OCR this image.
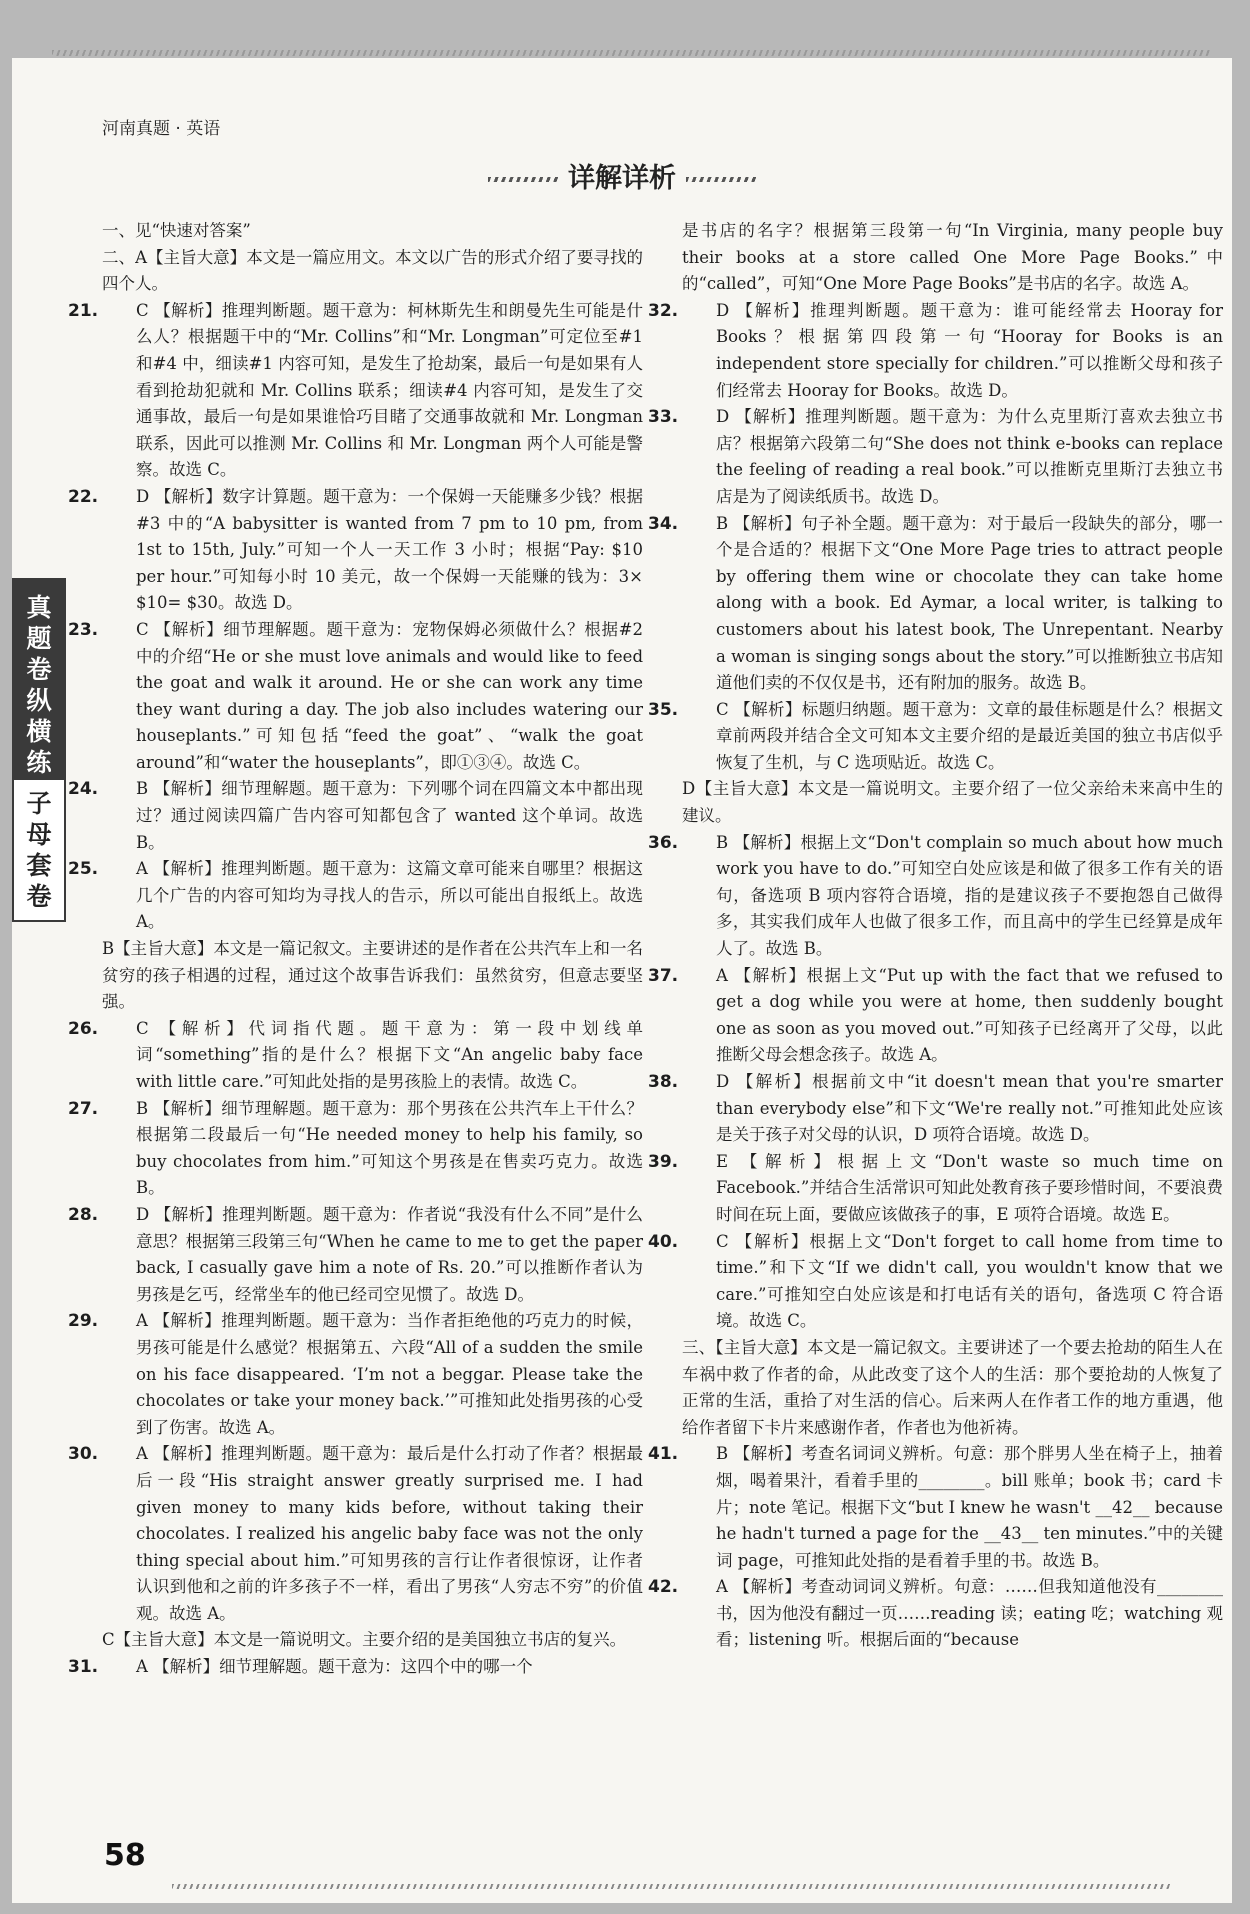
河南真题 · 英语
详解详析
真题卷纵横练
子母套卷

一、见“快速对答案”

二、A【主旨大意】本文是一篇应用文。本文以广告的形式介绍了要寻找的四个人。

21. C 【解析】推理判断题。题干意为：柯林斯先生和朗曼先生可能是什么人？根据题干中的“Mr. Collins”和“Mr. Longman”可定位至#1 和#4 中，细读#1 内容可知，是发生了抢劫案，最后一句是如果有人看到抢劫犯就和 Mr. Collins 联系；细读#4 内容可知，是发生了交通事故，最后一句是如果谁恰巧目睹了交通事故就和 Mr. Longman 联系，因此可以推测 Mr. Collins 和 Mr. Longman 两个人可能是警察。故选 C。

22. D 【解析】数字计算题。题干意为：一个保姆一天能赚多少钱？根据#3 中的“A babysitter is wanted from 7 pm to 10 pm, from 1st to 15th, July.”可知一个人一天工作 3 小时；根据“Pay: $10 per hour.”可知每小时 10 美元，故一个保姆一天能赚的钱为：3× $10= $30。故选 D。

23. C 【解析】细节理解题。题干意为：宠物保姆必须做什么？根据#2 中的介绍“He or she must love animals and would like to feed the goat and walk it around. He or she can work any time they want during a day. The job also includes watering our houseplants.”可知包括“feed the goat”、“walk the goat around”和“water the houseplants”，即①③④。故选 C。

24. B 【解析】细节理解题。题干意为：下列哪个词在四篇文本中都出现过？通过阅读四篇广告内容可知都包含了 wanted 这个单词。故选 B。

25. A 【解析】推理判断题。题干意为：这篇文章可能来自哪里？根据这几个广告的内容可知均为寻找人的告示，所以可能出自报纸上。故选 A。

B【主旨大意】本文是一篇记叙文。主要讲述的是作者在公共汽车上和一名贫穷的孩子相遇的过程，通过这个故事告诉我们：虽然贫穷，但意志要坚强。

26. C 【解析】代词指代题。题干意为：第一段中划线单词“something”指的是什么？根据下文“An angelic baby face with little care.”可知此处指的是男孩脸上的表情。故选 C。

27. B 【解析】细节理解题。题干意为：那个男孩在公共汽车上干什么？根据第二段最后一句“He needed money to help his family, so buy chocolates from him.”可知这个男孩是在售卖巧克力。故选 B。

28. D 【解析】推理判断题。题干意为：作者说“我没有什么不同”是什么意思？根据第三段第三句“When he came to me to get the paper back, I casually gave him a note of Rs. 20.”可以推断作者认为男孩是乞丐，经常坐车的他已经司空见惯了。故选 D。

29. A 【解析】推理判断题。题干意为：当作者拒绝他的巧克力的时候，男孩可能是什么感觉？根据第五、六段“All of a sudden the smile on his face disappeared. ‘I’m not a beggar. Please take the chocolates or take your money back.’”可推知此处指男孩的心受到了伤害。故选 A。

30. A 【解析】推理判断题。题干意为：最后是什么打动了作者？根据最后一段“His straight answer greatly surprised me. I had given money to many kids before, without taking their chocolates. I realized his angelic baby face was not the only thing special about him.”可知男孩的言行让作者很惊讶，让作者认识到他和之前的许多孩子不一样，看出了男孩“人穷志不穷”的价值观。故选 A。

C【主旨大意】本文是一篇说明文。主要介绍的是美国独立书店的复兴。

31. A 【解析】细节理解题。题干意为：这四个中的哪一个

是书店的名字？根据第三段第一句“In Virginia, many people buy their books at a store called One More Page Books.”中的“called”，可知“One More Page Books”是书店的名字。故选 A。

32. D 【解析】推理判断题。题干意为：谁可能经常去 Hooray for Books？根据第四段第一句“Hooray for Books is an independent store specially for children.”可以推断父母和孩子们经常去 Hooray for Books。故选 D。

33. D 【解析】推理判断题。题干意为：为什么克里斯汀喜欢去独立书店？根据第六段第二句“She does not think e-books can replace the feeling of reading a real book.”可以推断克里斯汀去独立书店是为了阅读纸质书。故选 D。

34. B 【解析】句子补全题。题干意为：对于最后一段缺失的部分，哪一个是合适的？根据下文“One More Page tries to attract people by offering them wine or chocolate they can take home along with a book. Ed Aymar, a local writer, is talking to customers about his latest book, The Unrepentant. Nearby a woman is singing songs about the story.”可以推断独立书店知道他们卖的不仅仅是书，还有附加的服务。故选 B。

35. C 【解析】标题归纳题。题干意为：文章的最佳标题是什么？根据文章前两段并结合全文可知本文主要介绍的是最近美国的独立书店似乎恢复了生机，与 C 选项贴近。故选 C。

D【主旨大意】本文是一篇说明文。主要介绍了一位父亲给未来高中生的建议。

36. B 【解析】根据上文“Don't complain so much about how much work you have to do.”可知空白处应该是和做了很多工作有关的语句，备选项 B 项内容符合语境，指的是建议孩子不要抱怨自己做得多，其实我们成年人也做了很多工作，而且高中的学生已经算是成年人了。故选 B。

37. A 【解析】根据上文“Put up with the fact that we refused to get a dog while you were at home, then suddenly bought one as soon as you moved out.”可知孩子已经离开了父母，以此推断父母会想念孩子。故选 A。

38. D 【解析】根据前文中“it doesn't mean that you're smarter than everybody else”和下文“We're really not.”可推知此处应该是关于孩子对父母的认识，D 项符合语境。故选 D。

39. E 【解析】根据上文“Don't waste so much time on Facebook.”并结合生活常识可知此处教育孩子要珍惜时间，不要浪费时间在玩上面，要做应该做孩子的事，E 项符合语境。故选 E。

40. C 【解析】根据上文“Don't forget to call home from time to time.”和下文“If we didn't call, you wouldn't know that we care.”可推知空白处应该是和打电话有关的语句，备选项 C 符合语境。故选 C。

三、【主旨大意】本文是一篇记叙文。主要讲述了一个要去抢劫的陌生人在车祸中救了作者的命，从此改变了这个人的生活：那个要抢劫的人恢复了正常的生活，重拾了对生活的信心。后来两人在作者工作的地方重遇，他给作者留下卡片来感谢作者，作者也为他祈祷。

41. B 【解析】考查名词词义辨析。句意：那个胖男人坐在椅子上，抽着烟，喝着果汁，看着手里的________。bill 账单；book 书；card 卡片；note 笔记。根据下文“but I knew he wasn't __42__ because he hadn't turned a page for the __43__ ten minutes.”中的关键词 page，可推知此处指的是看着手里的书。故选 B。

42. A 【解析】考查动词词义辨析。句意：……但我知道他没有________书，因为他没有翻过一页……reading 读；eating 吃；watching 观看；listening 听。根据后面的“because

58
